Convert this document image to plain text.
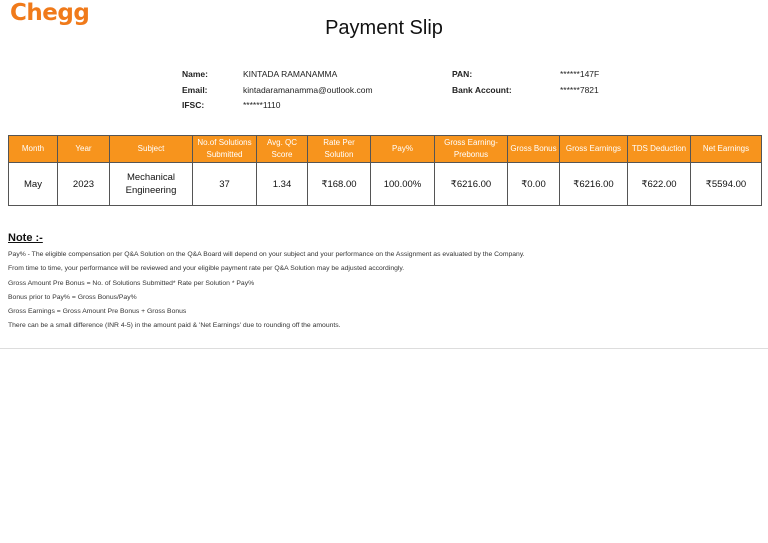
Chegg
Payment Slip
Name:	KINTADA RAMANAMMA
Email:	kintadaramanamma@outlook.com
IFSC:	******1110
PAN:	******147F
Bank Account:	******7821
Month	Year	Subject	No.of Solutions Submitted	Avg. QC Score	Rate Per Solution	Pay%	Gross Earning-Prebonus	Gross Bonus	Gross Earnings	TDS Deduction	Net Earnings
May	2023	Mechanical Engineering	37	1.34	₹168.00	100.00%	₹6216.00	₹0.00	₹6216.00	₹622.00	₹5594.00
Note :-
Pay% - The eligible compensation per Q&A Solution on the Q&A Board will depend on your subject and your performance on the Assignment as evaluated by the Company.
From time to time, your performance will be reviewed and your eligible payment rate per Q&A Solution may be adjusted accordingly.
Gross Amount Pre Bonus = No. of Solutions Submitted* Rate per Solution * Pay%
Bonus prior to Pay% = Gross Bonus/Pay%
Gross Earnings = Gross Amount Pre Bonus + Gross Bonus
There can be a small difference (INR 4-5) in the amount paid & 'Net Earnings' due to rounding off the amounts.
